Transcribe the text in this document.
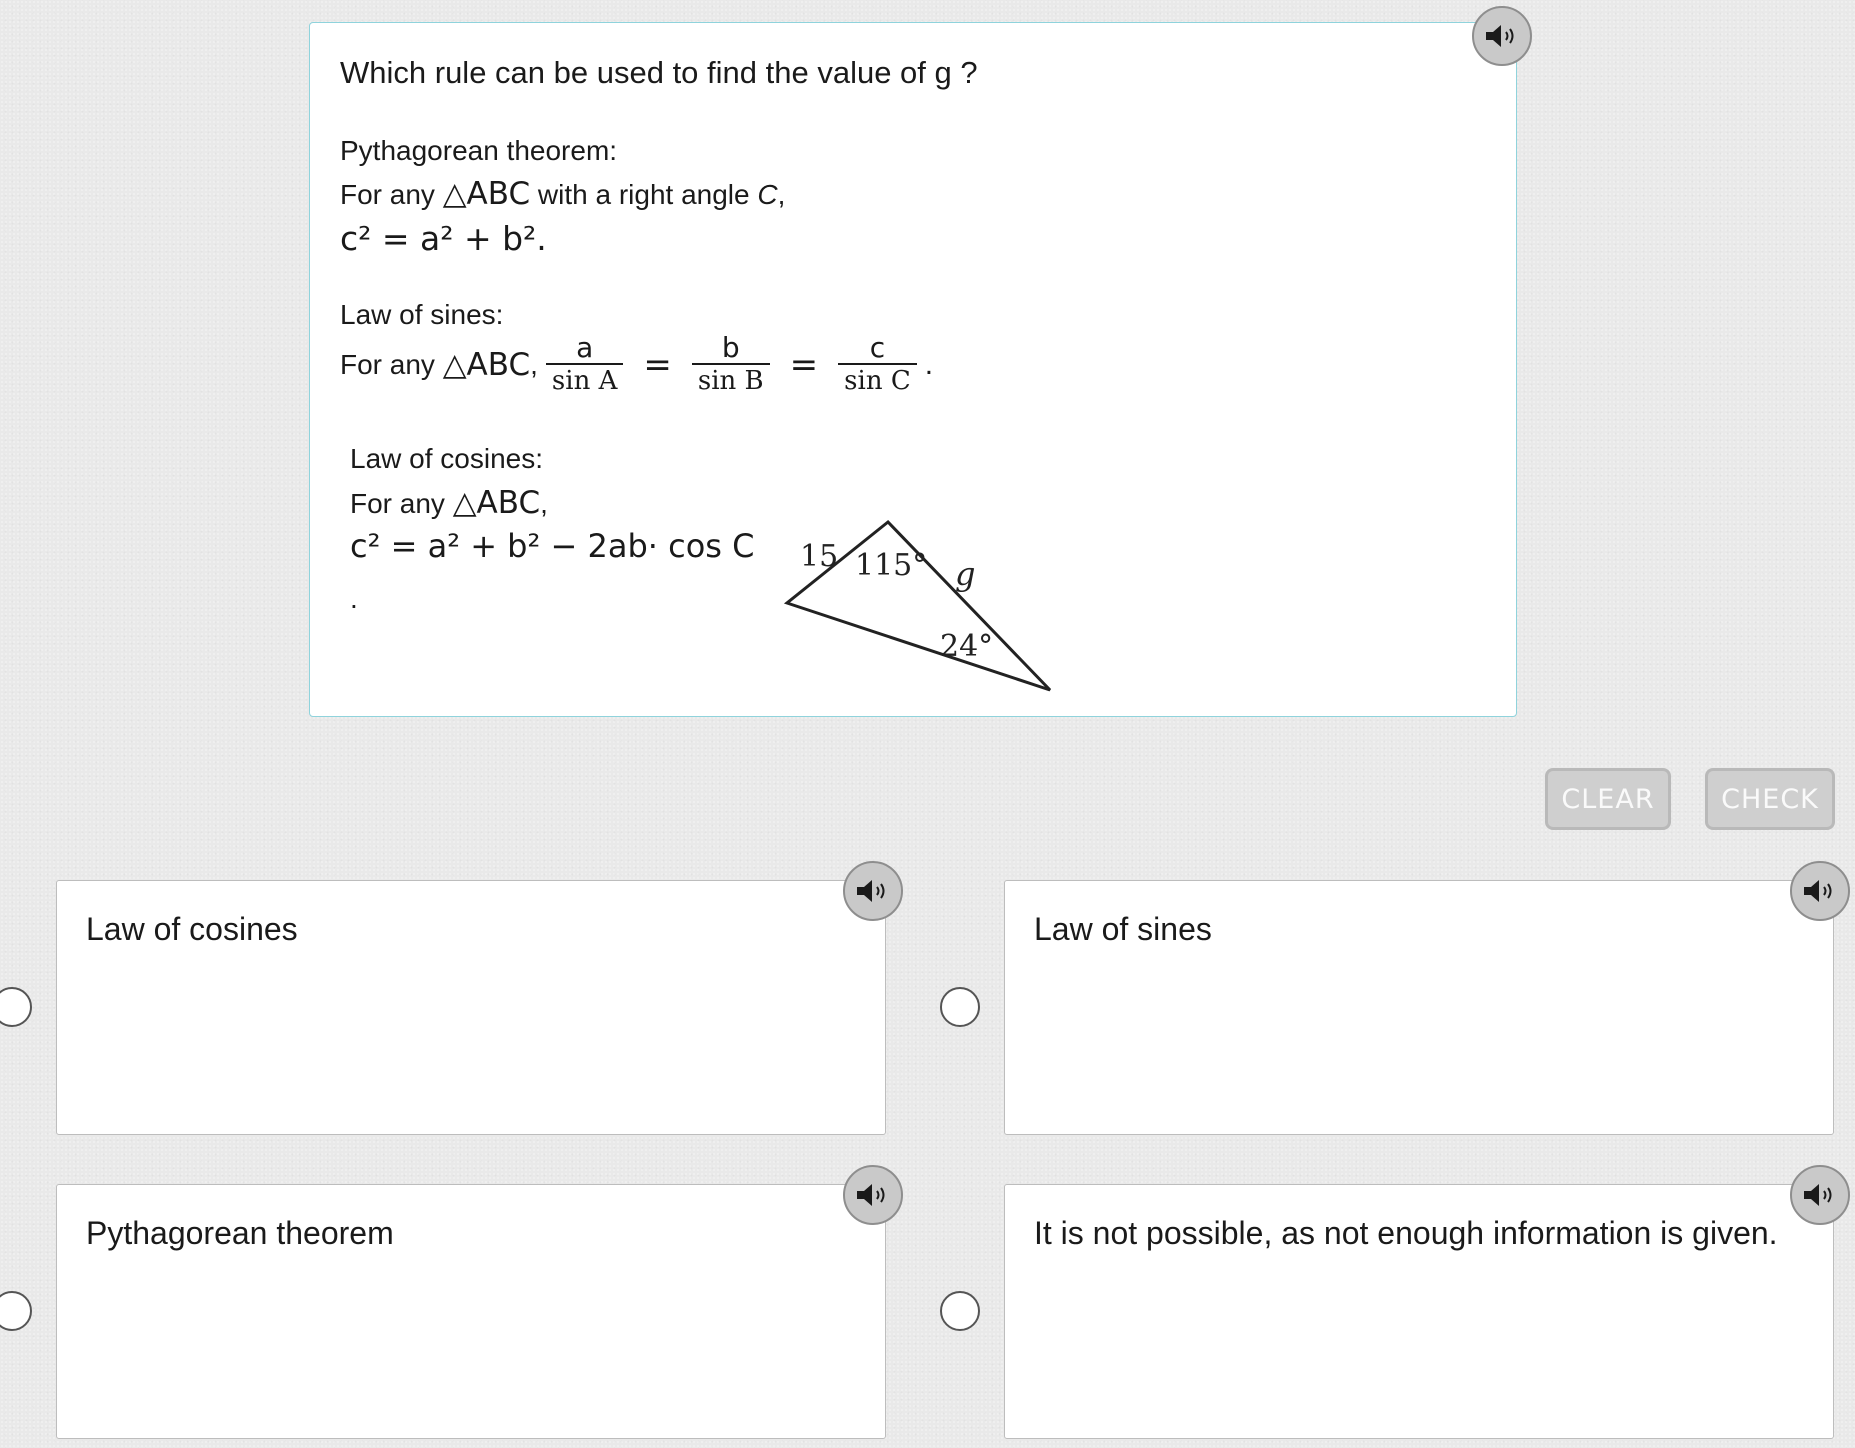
Which rule can be used to find the value of g ?
Pythagorean theorem:
For any △ABC with a right angle C,
c² = a² + b².
Law of sines:
For any
△ABC , $\frac{a}{\text{sin A}} = \frac{b}{\text{sin B}} = \frac{c}{\text{sin C}}$ .
Law of cosines:
For any △ABC,
c² = a² + b² − 2ab· cos C
.
15 115° g
24°
CLEAR	CHECK
Law of cosines	Law of sines
Pythagorean theorem	It is not possible, as not enough information is given.
